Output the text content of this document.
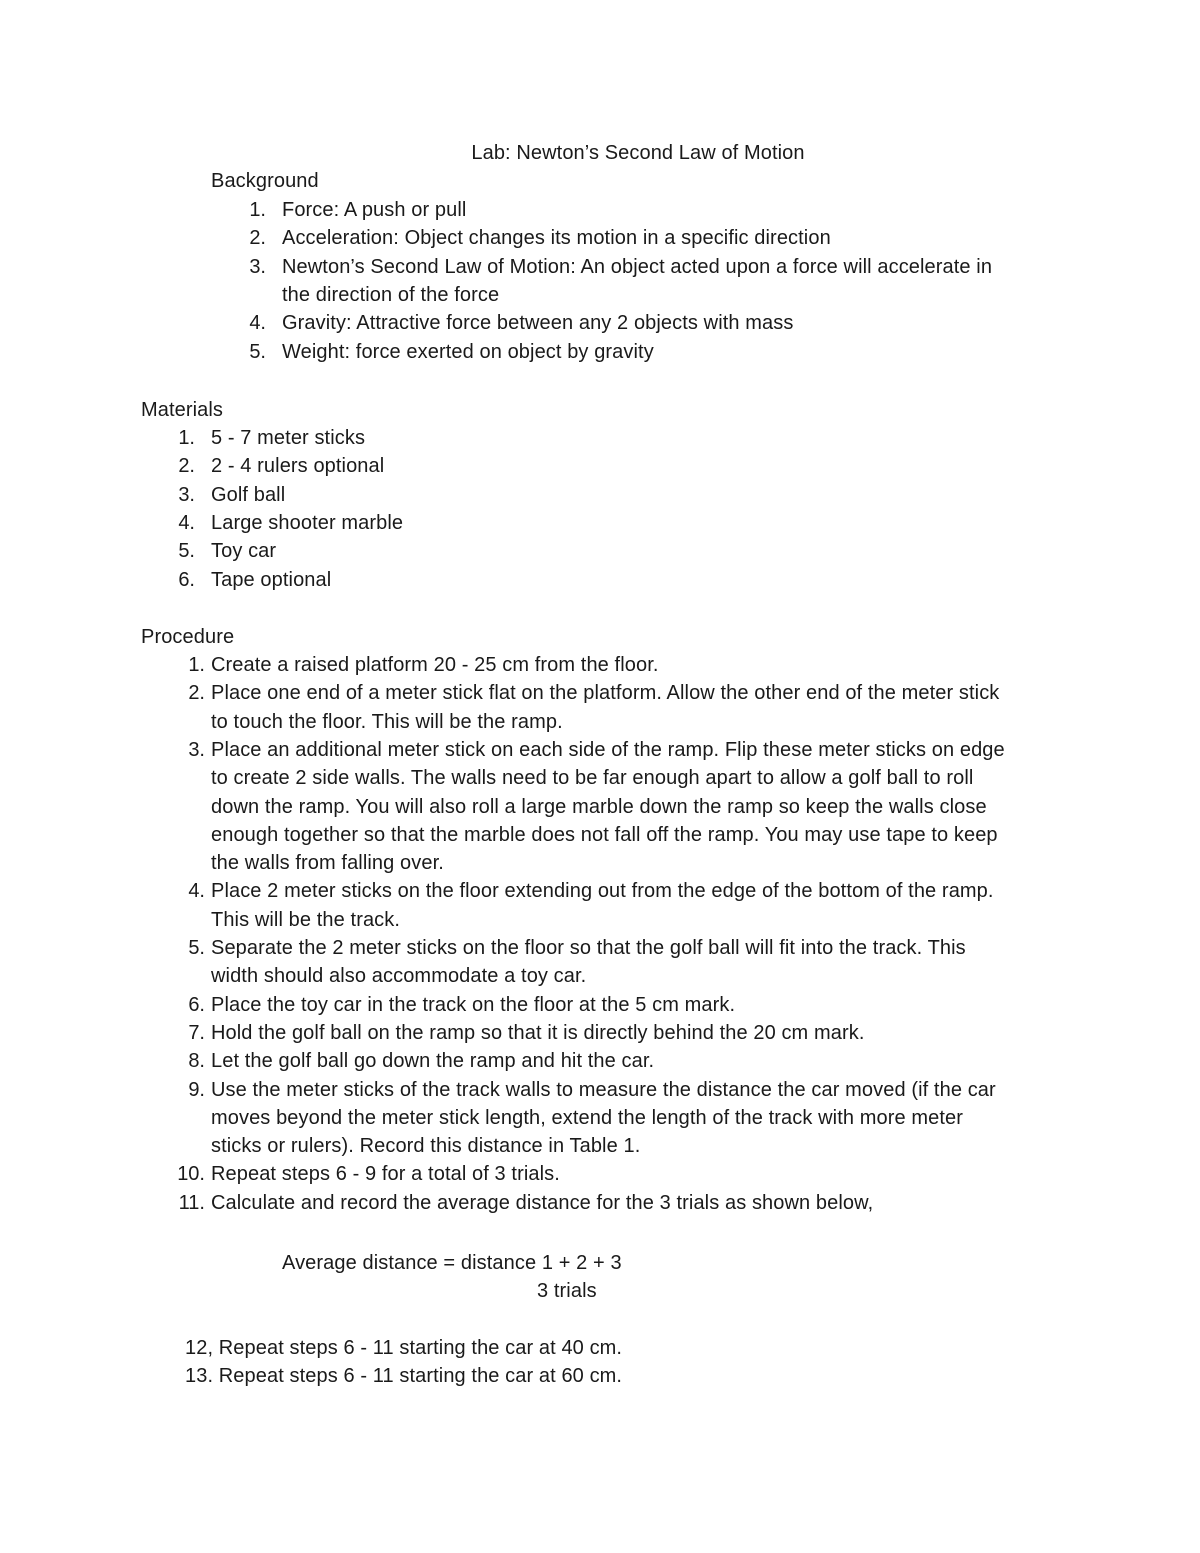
Lab: Newton’s Second Law of Motion
Background
1. Force: A push or pull
2. Acceleration: Object changes its motion in a specific direction
3. Newton’s Second Law of Motion: An object acted upon a force will accelerate in
the direction of the force
4. Gravity: Attractive force between any 2 objects with mass
5. Weight: force exerted on object by gravity
Materials
1. 5 - 7 meter sticks
2. 2 - 4 rulers optional
3. Golf ball
4. Large shooter marble
5. Toy car
6. Tape optional
Procedure
1. Create a raised platform 20 - 25 cm from the floor.
2. Place one end of a meter stick flat on the platform. Allow the other end of the meter stick
to touch the floor. This will be the ramp.
3. Place an additional meter stick on each side of the ramp. Flip these meter sticks on edge
to create 2 side walls. The walls need to be far enough apart to allow a golf ball to roll
down the ramp. You will also roll a large marble down the ramp so keep the walls close
enough together so that the marble does not fall off the ramp. You may use tape to keep
the walls from falling over.
4. Place 2 meter sticks on the floor extending out from the edge of the bottom of the ramp.
This will be the track.
5. Separate the 2 meter sticks on the floor so that the golf ball will fit into the track. This
width should also accommodate a toy car.
6. Place the toy car in the track on the floor at the 5 cm mark.
7. Hold the golf ball on the ramp so that it is directly behind the 20 cm mark.
8. Let the golf ball go down the ramp and hit the car.
9. Use the meter sticks of the track walls to measure the distance the car moved (if the car
moves beyond the meter stick length, extend the length of the track with more meter
sticks or rulers). Record this distance in Table 1.
10. Repeat steps 6 - 9 for a total of 3 trials.
11. Calculate and record the average distance for the 3 trials as shown below,
Average distance = distance 1 + 2 + 3
3 trials
12, Repeat steps 6 - 11 starting the car at 40 cm.
13. Repeat steps 6 - 11 starting the car at 60 cm.
